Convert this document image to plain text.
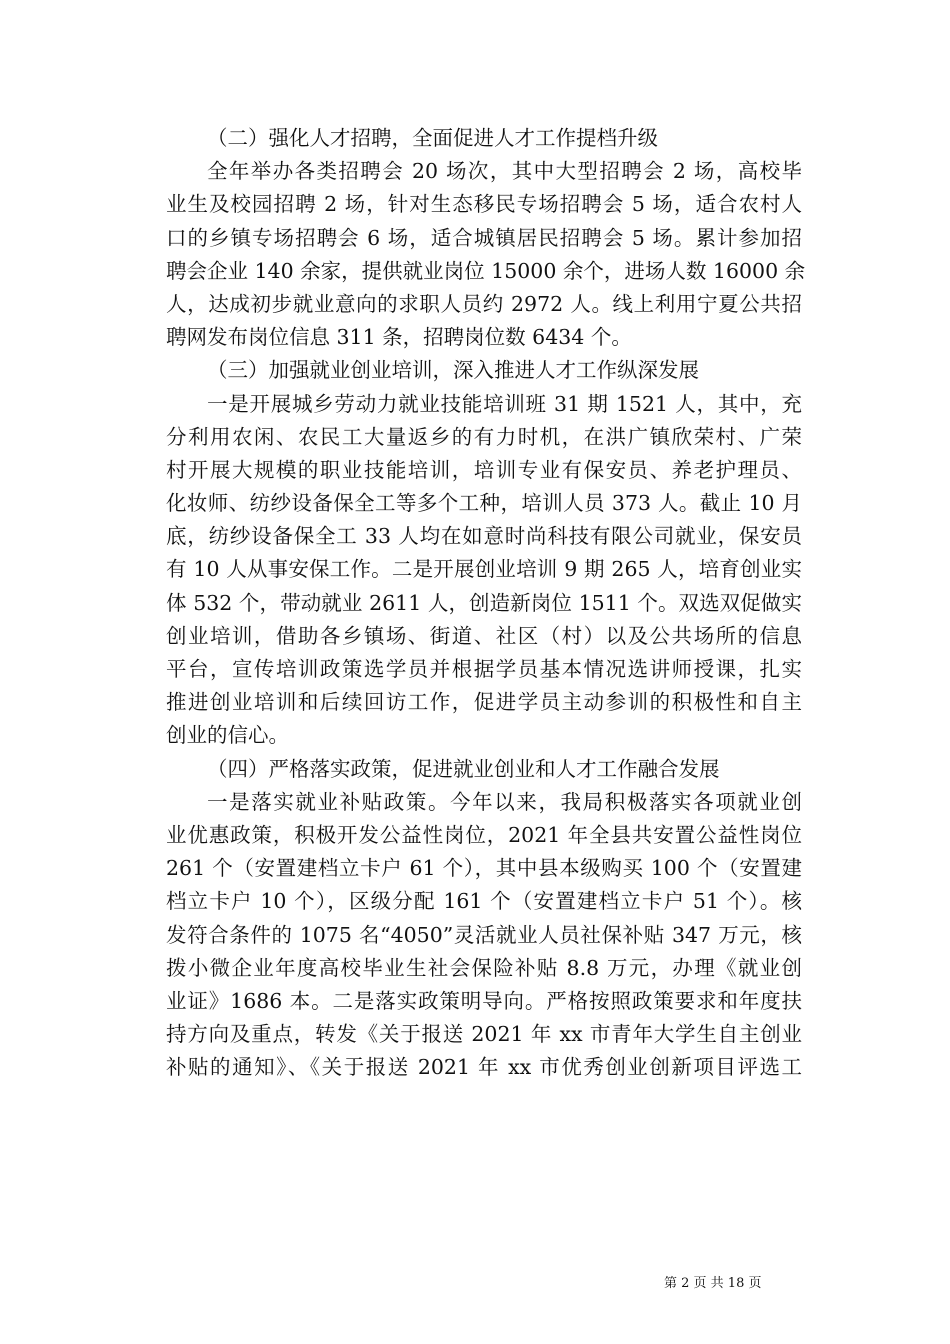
（二）强化人才招聘，全面促进人才工作提档升级
全年举办各类招聘会 20 场次，其中大型招聘会 2 场，高校毕
业生及校园招聘 2 场，针对生态移民专场招聘会 5 场，适合农村人
口的乡镇专场招聘会 6 场，适合城镇居民招聘会 5 场。累计参加招
聘会企业 140 余家，提供就业岗位 15000 余个，进场人数 16000 余
人，达成初步就业意向的求职人员约 2972 人。线上利用宁夏公共招
聘网发布岗位信息 311 条，招聘岗位数 6434 个。
（三）加强就业创业培训，深入推进人才工作纵深发展
一是开展城乡劳动力就业技能培训班 31 期 1521 人，其中，充
分利用农闲、农民工大量返乡的有力时机，在洪广镇欣荣村、广荣
村开展大规模的职业技能培训，培训专业有保安员、养老护理员、
化妆师、纺纱设备保全工等多个工种，培训人员 373 人。截止 10 月
底，纺纱设备保全工 33 人均在如意时尚科技有限公司就业，保安员
有 10 人从事安保工作。二是开展创业培训 9 期 265 人，培育创业实
体 532 个，带动就业 2611 人，创造新岗位 1511 个。双选双促做实
创业培训，借助各乡镇场、街道、社区（村）以及公共场所的信息
平台，宣传培训政策选学员并根据学员基本情况选讲师授课，扎实
推进创业培训和后续回访工作，促进学员主动参训的积极性和自主
创业的信心。
（四）严格落实政策，促进就业创业和人才工作融合发展
一是落实就业补贴政策。今年以来，我局积极落实各项就业创
业优惠政策，积极开发公益性岗位，2021 年全县共安置公益性岗位
261 个（安置建档立卡户 61 个），其中县本级购买 100 个（安置建
档立卡户 10 个），区级分配 161 个（安置建档立卡户 51 个）。核
发符合条件的 1075 名“4050”灵活就业人员社保补贴 347 万元，核
拨小微企业年度高校毕业生社会保险补贴 8.8 万元，办理《就业创
业证》1686 本。二是落实政策明导向。严格按照政策要求和年度扶
持方向及重点，转发《关于报送 2021 年 xx 市青年大学生自主创业
补贴的通知》、《关于报送 2021 年 xx 市优秀创业创新项目评选工
第 2 页 共 18 页
